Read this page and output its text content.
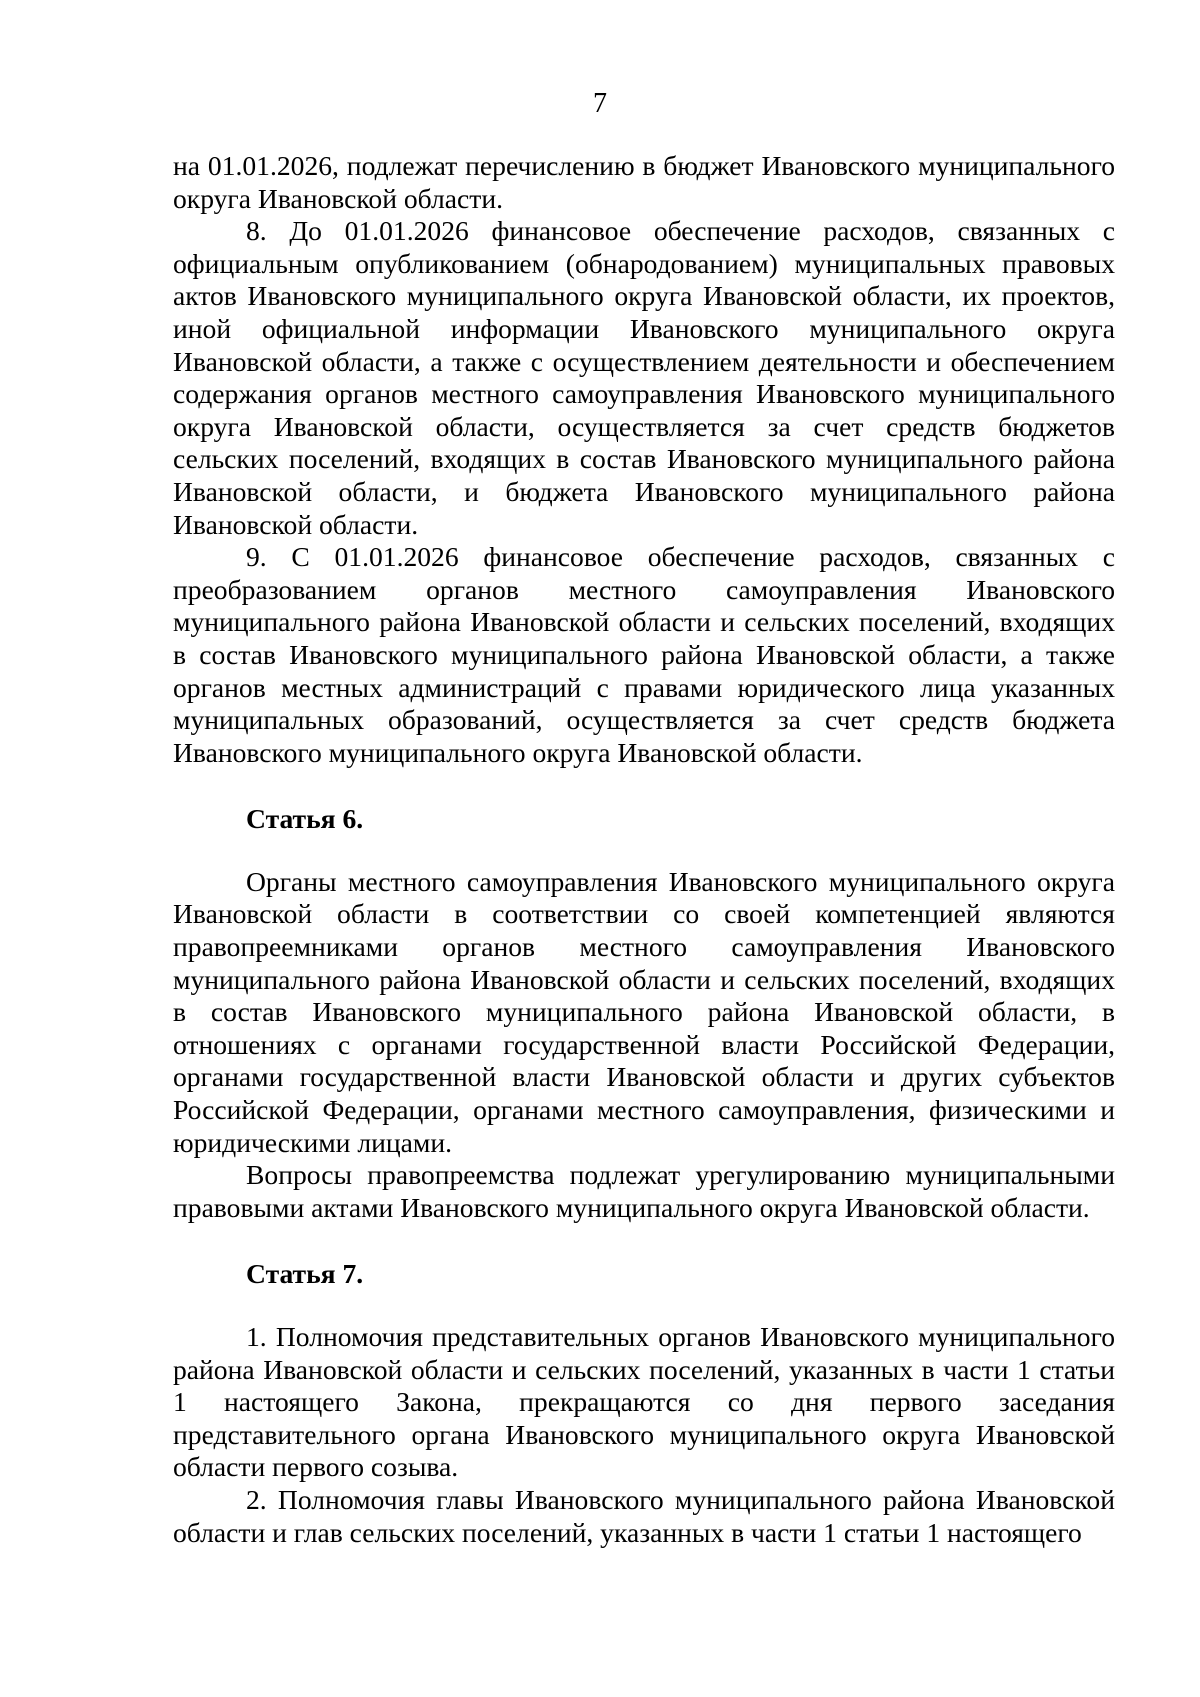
7

на 01.01.2026, подлежат перечислению в бюджет Ивановского муниципального округа Ивановской области.

8. До 01.01.2026 финансовое обеспечение расходов, связанных с официальным опубликованием (обнародованием) муниципальных правовых актов Ивановского муниципального округа Ивановской области, их проектов, иной официальной информации Ивановского муниципального округа Ивановской области, а также с осуществлением деятельности и обеспечением содержания органов местного самоуправления Ивановского муниципального округа Ивановской области, осуществляется за счет средств бюджетов сельских поселений, входящих в состав Ивановского муниципального района Ивановской области, и бюджета Ивановского муниципального района Ивановской области.

9. С 01.01.2026 финансовое обеспечение расходов, связанных с преобразованием органов местного самоуправления Ивановского муниципального района Ивановской области и сельских поселений, входящих в состав Ивановского муниципального района Ивановской области, а также органов местных администраций с правами юридического лица указанных муниципальных образований, осуществляется за счет средств бюджета Ивановского муниципального округа Ивановской области.

Статья 6.

Органы местного самоуправления Ивановского муниципального округа Ивановской области в соответствии со своей компетенцией являются правопреемниками органов местного самоуправления Ивановского муниципального района Ивановской области и сельских поселений, входящих в состав Ивановского муниципального района Ивановской области, в отношениях с органами государственной власти Российской Федерации, органами государственной власти Ивановской области и других субъектов Российской Федерации, органами местного самоуправления, физическими и юридическими лицами.

Вопросы правопреемства подлежат урегулированию муниципальными правовыми актами Ивановского муниципального округа Ивановской области.

Статья 7.

1. Полномочия представительных органов Ивановского муниципального района Ивановской области и сельских поселений, указанных в части 1 статьи 1 настоящего Закона, прекращаются со дня первого заседания представительного органа Ивановского муниципального округа Ивановской области первого созыва.

2. Полномочия главы Ивановского муниципального района Ивановской области и глав сельских поселений, указанных в части 1 статьи 1 настоящего
